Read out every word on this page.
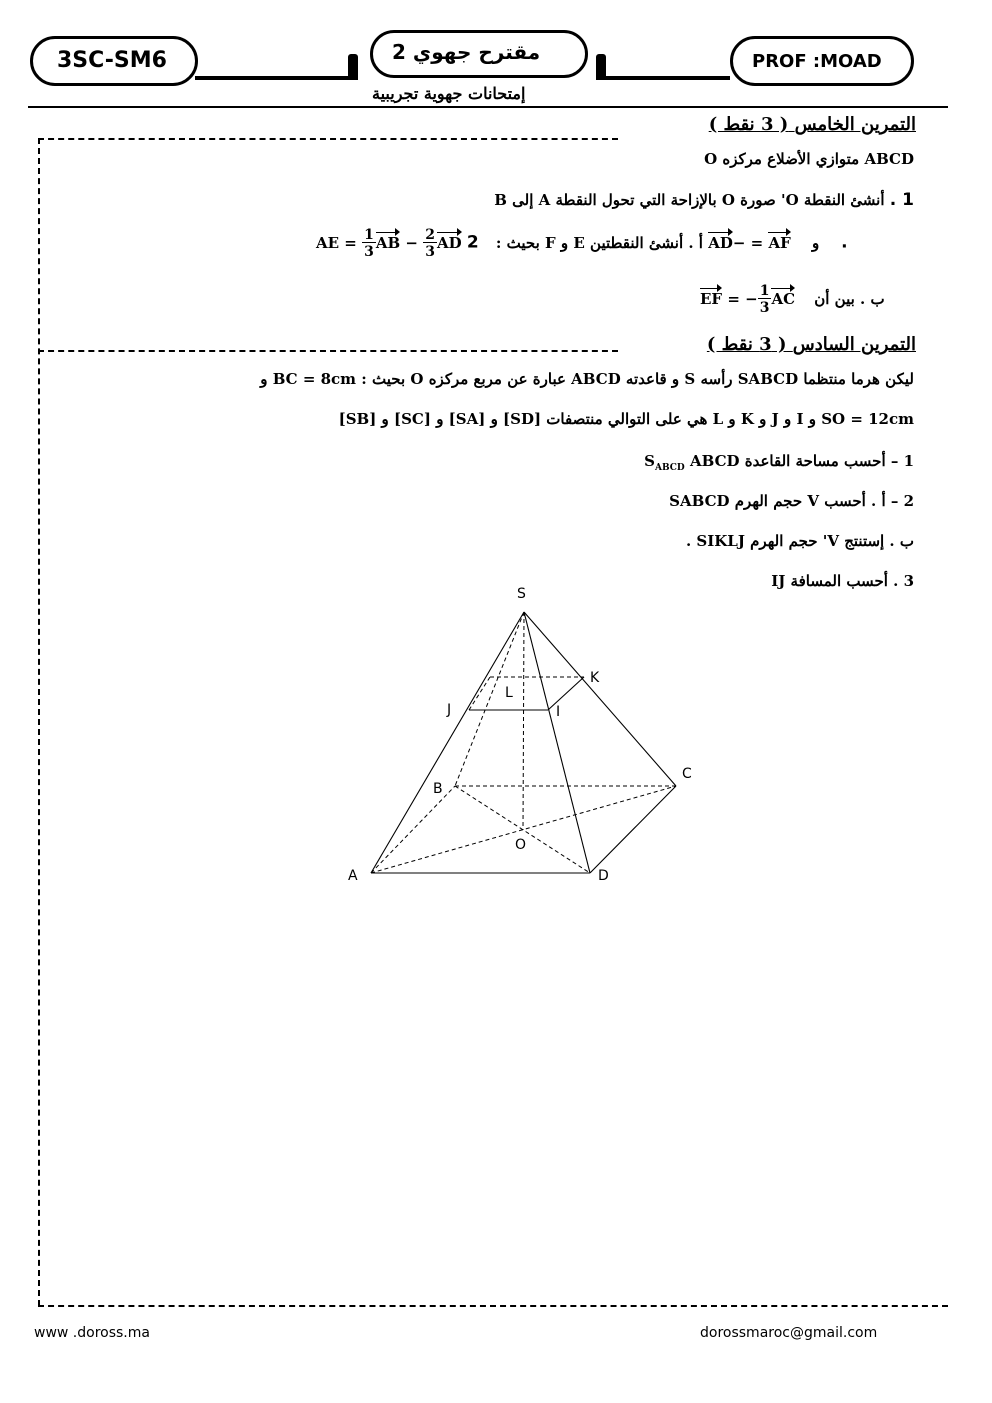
3SC-SM6	مقترح جهوي 2	PROF :MOAD
إمتحانات جهوية تجريبية
التمرين الخامس ( 3 نقط )
ABCD متوازي الأضلاع مركزه O
1 . أنشئ النقطة O' صورة O بالإزاحة التي تحول النقطة A إلى B
AE = $\frac{1}{3}$ AB − $\frac{2}{3}$ AD	و AF = −AD أ . أنشئ النقطتين E و F بحيث : 2 .
EF = − $\frac{1}{3}$ AC ب . بين أن
التمرين السادس ( 3 نقط )
ليكن هرما منتظما SABCD رأسه S و قاعدته ABCD عبارة عن مربع مركزه O بحيث : BC = 8cm و
SO = 12cm و I و J و K و L هي على التوالي منتصفات [SD] و [SA] و [SC] و [SB]
1 – أحسب مساحة القاعدة $S_{ABCD}$ ABCD
2 – أ . أحسب V حجم الهرم SABCD
ب . إستنتج V' حجم الهرم SIKLJ .
3 . أحسب المسافة IJ
S
A
B
C
D
O
I
J
K
L
www .doross.ma	dorossmaroc@gmail.com
